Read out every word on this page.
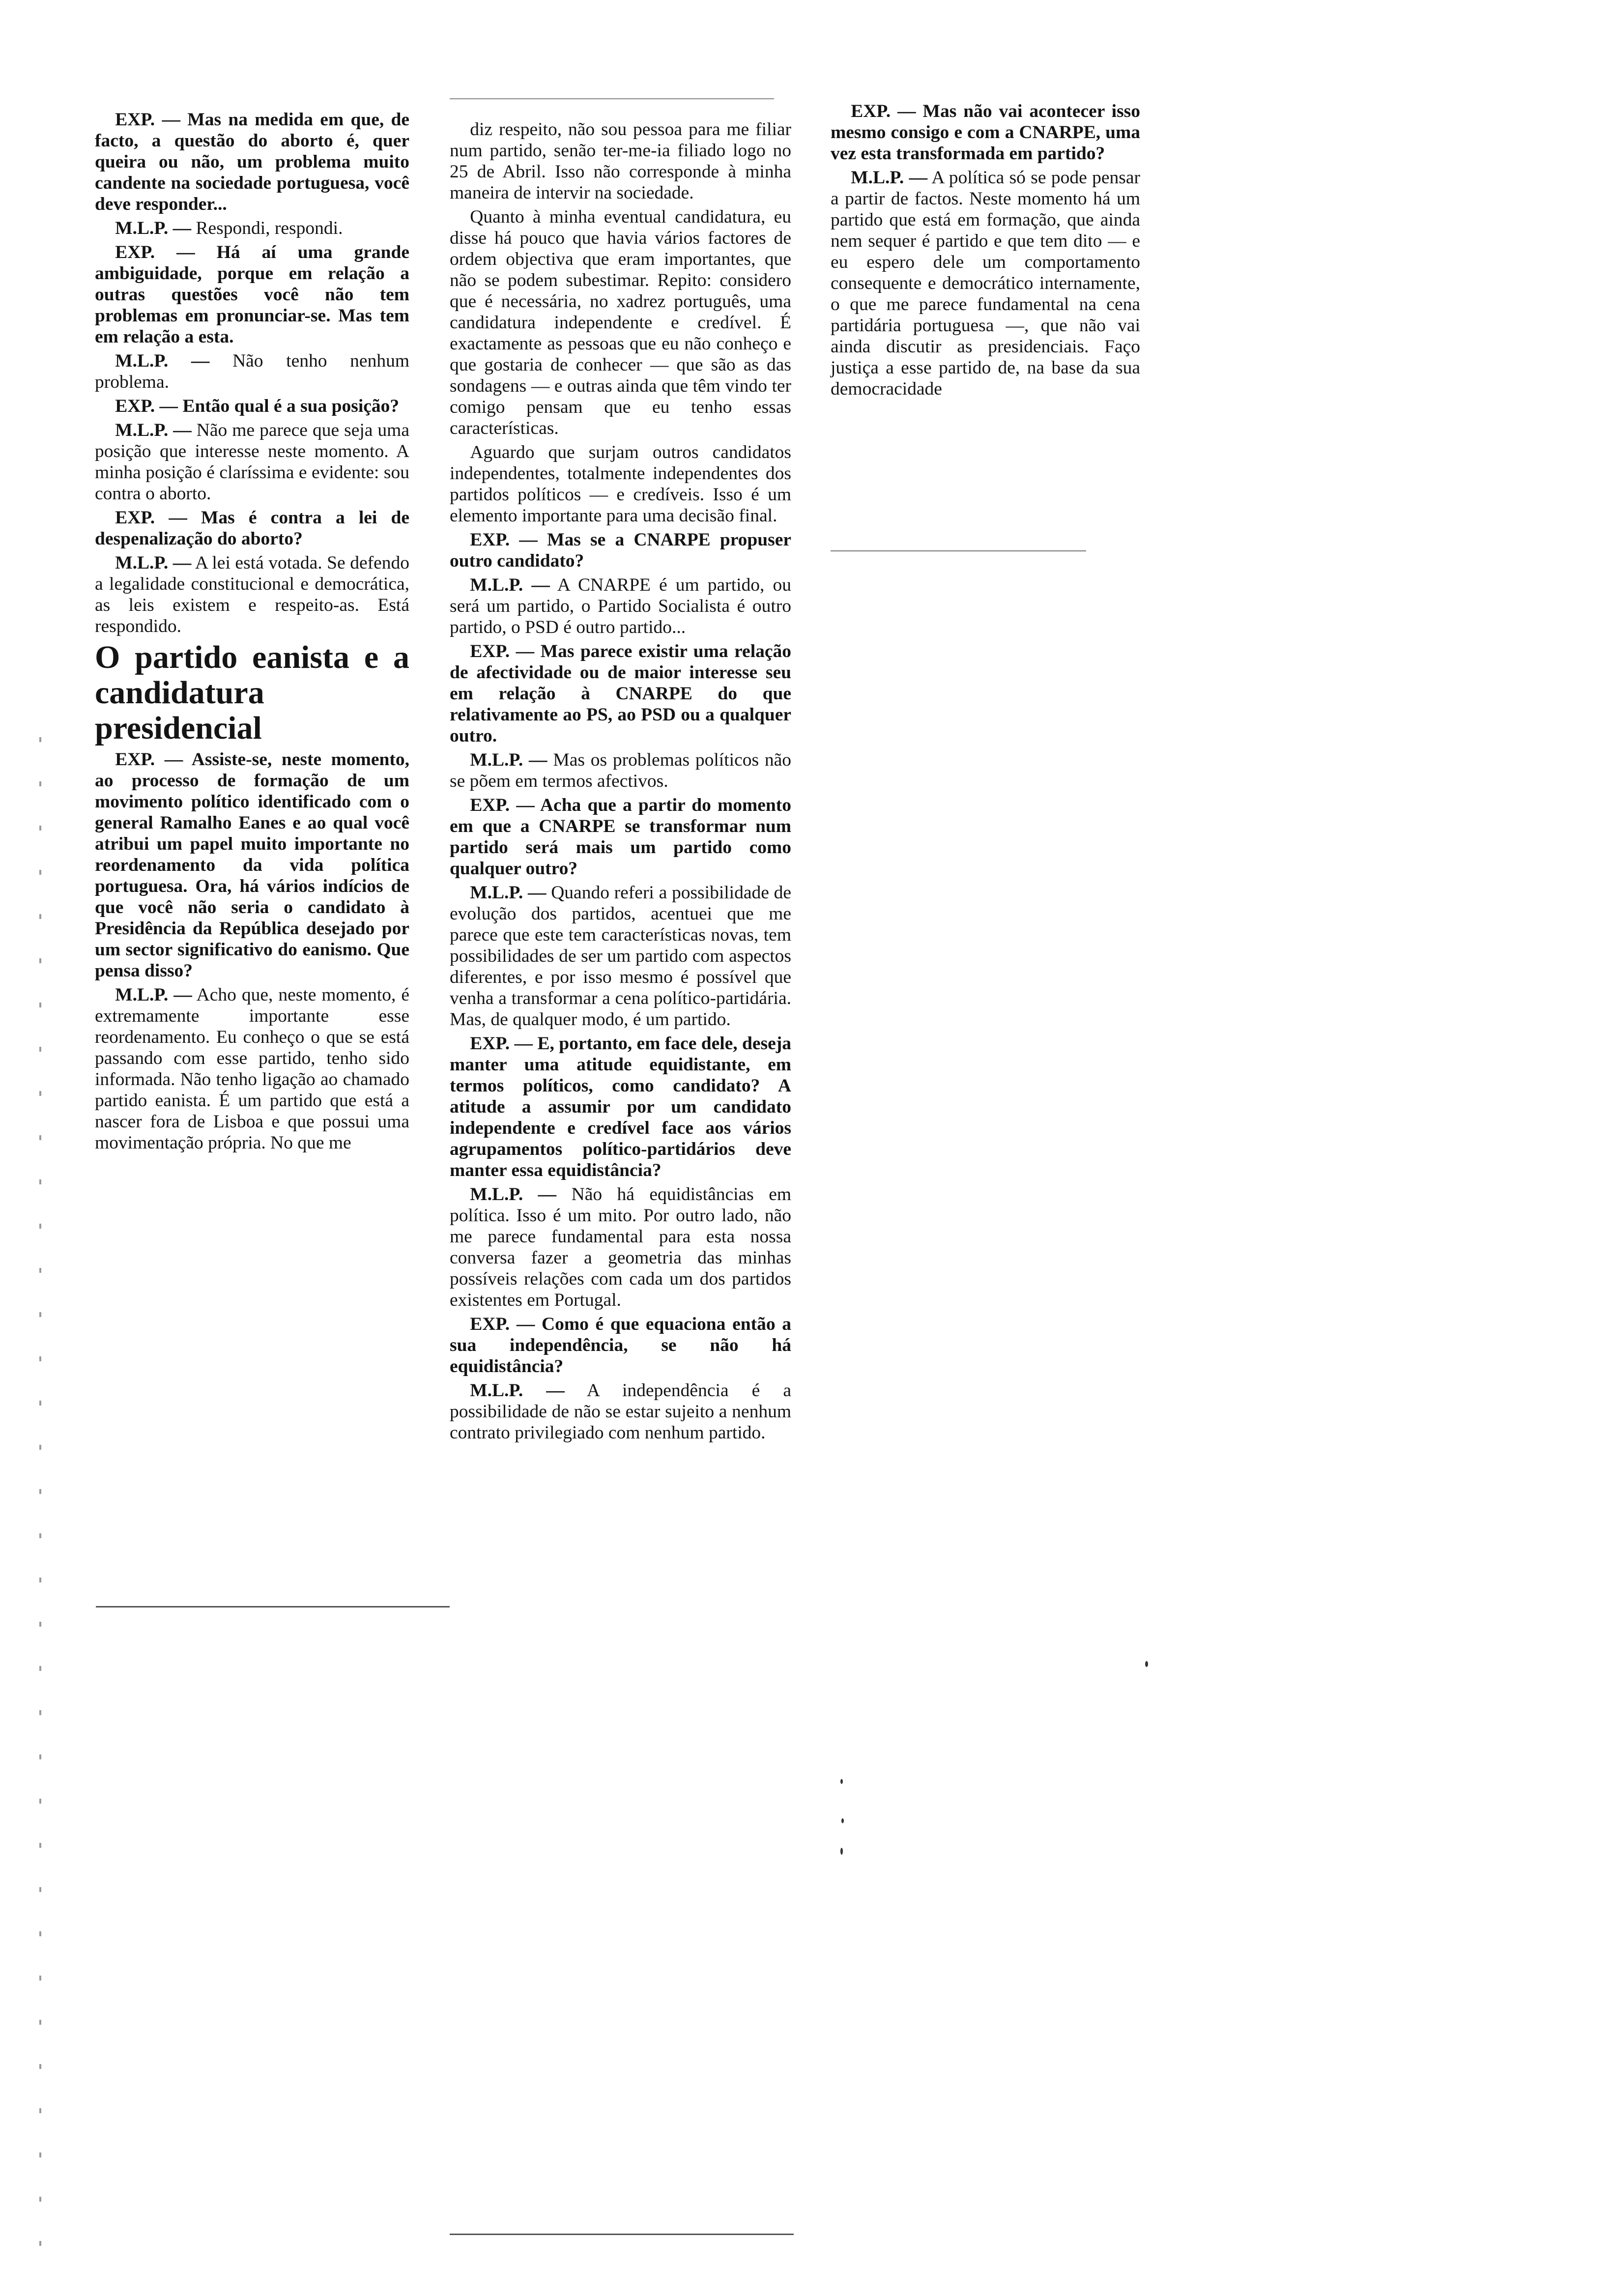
EXP. — Mas na medida em que, de facto, a questão do aborto é, quer queira ou não, um problema muito candente na sociedade portuguesa, você deve responder...

M.L.P. — Respondi, respondi.

EXP. — Há aí uma grande ambiguidade, porque em relação a outras questões você não tem problemas em pronunciar-se. Mas tem em relação a esta.

M.L.P. — Não tenho nenhum problema.

EXP. — Então qual é a sua posição?

M.L.P. — Não me parece que seja uma posição que interesse neste momento. A minha posição é claríssima e evidente: sou contra o aborto.

EXP. — Mas é contra a lei de despenalização do aborto?

M.L.P. — A lei está votada. Se defendo a legalidade constitucional e democrática, as leis existem e respeito-as. Está respondido.

O partido eanista e a candidatura presidencial

EXP. — Assiste-se, neste momento, ao processo de formação de um movimento político identificado com o general Ramalho Eanes e ao qual você atribui um papel muito importante no reordenamento da vida política portuguesa. Ora, há vários indícios de que você não seria o candidato à Presidência da República desejado por um sector significativo do eanismo. Que pensa disso?

M.L.P. — Acho que, neste momento, é extremamente importante esse reordenamento. Eu conheço o que se está passando com esse partido, tenho sido informada. Não tenho ligação ao chamado partido eanista. É um partido que está a nascer fora de Lisboa e que possui uma movimentação própria. No que me

diz respeito, não sou pessoa para me filiar num partido, senão ter-me-ia filiado logo no 25 de Abril. Isso não corresponde à minha maneira de intervir na sociedade.

Quanto à minha eventual candidatura, eu disse há pouco que havia vários factores de ordem objectiva que eram importantes, que não se podem subestimar. Repito: considero que é necessária, no xadrez português, uma candidatura independente e credível. É exactamente as pessoas que eu não conheço e que gostaria de conhecer — que são as das sondagens — e outras ainda que têm vindo ter comigo pensam que eu tenho essas características.

Aguardo que surjam outros candidatos independentes, totalmente independentes dos partidos políticos — e credíveis. Isso é um elemento importante para uma decisão final.

EXP. — Mas se a CNARPE propuser outro candidato?

M.L.P. — A CNARPE é um partido, ou será um partido, o Partido Socialista é outro partido, o PSD é outro partido...

EXP. — Mas parece existir uma relação de afectividade ou de maior interesse seu em relação à CNARPE do que relativamente ao PS, ao PSD ou a qualquer outro.

M.L.P. — Mas os problemas políticos não se põem em termos afectivos.

EXP. — Acha que a partir do momento em que a CNARPE se transformar num partido será mais um partido como qualquer outro?

M.L.P. — Quando referi a possibilidade de evolução dos partidos, acentuei que me parece que este tem características novas, tem possibilidades de ser um partido com aspectos diferentes, e por isso mesmo é possível que venha a transformar a cena político-partidária. Mas, de qualquer modo, é um partido.

EXP. — E, portanto, em face dele, deseja manter uma atitude equidistante, em termos políticos, como candidato? A atitude a assumir por um candidato independente e credível face aos vários agrupamentos político-partidários deve manter essa equidistância?

M.L.P. — Não há equidistâncias em política. Isso é um mito. Por outro lado, não me parece fundamental para esta nossa conversa fazer a geometria das minhas possíveis relações com cada um dos partidos existentes em Portugal.

EXP. — Como é que equaciona então a sua independência, se não há equidistância?

M.L.P. — A independência é a possibilidade de não se estar sujeito a nenhum contrato privilegiado com nenhum partido.

EXP. — Mas não vai acontecer isso mesmo consigo e com a CNARPE, uma vez esta transformada em partido?

M.L.P. — A política só se pode pensar a partir de factos. Neste momento há um partido que está em formação, que ainda nem sequer é partido e que tem dito — e eu espero dele um comportamento consequente e democrático internamente, o que me parece fundamental na cena partidária portuguesa —, que não vai ainda discutir as presidenciais. Faço justiça a esse partido de, na base da sua democracidade
